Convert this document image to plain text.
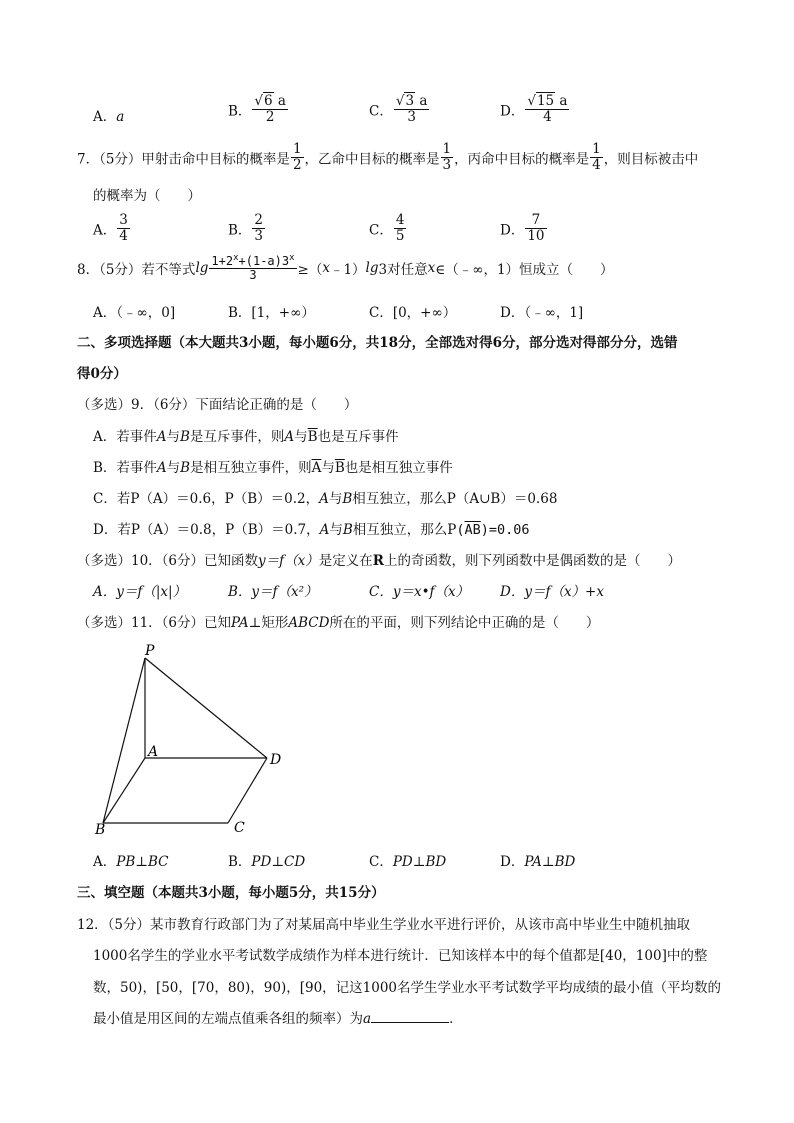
A．a	B． $\frac{√6 a}{2}$	C． $\frac{√3 a}{3}$	D． $\frac{√15 a}{4}$
7．（5分）甲射击命中目标的概率是 $\frac{1}{2}$ ，乙命中目标的概率是 $\frac{1}{3}$ ，丙命中目标的概率是 $\frac{1}{4}$ ，则目标被击中
的概率为（　　）
A． $\frac{3}{4}$	B． $\frac{2}{3}$	C． $\frac{4}{5}$	D． $\frac{7}{10}$
8．（5分）若不等式$\lg \frac{1+2^x+(1-a)3^x}{3}$ ≥（x﹣1）lg3对任意x∈（﹣∞，1）恒成立（　　）
A．（﹣∞，0]	B．[1，+∞）	C．[0，+∞）	D．（﹣∞，1]
二、多项选择题（本大题共3小题，每小题6分，共18分，全部选对得6分，部分选对得部分分，选错
得0分）
（多选）9．（6分）下面结论正确的是（　　）
A．若事件A与B是互斥事件，则A与$\overline{B}$也是互斥事件
B．若事件A与B是相互独立事件，则$\overline{A}$与$\overline{B}$也是相互独立事件
C．若P（A）＝0.6，P（B）＝0.2，A与B相互独立，那么P（A∪B）＝0.68
D．若P（A）＝0.8，P（B）＝0.7，A与B相互独立，那么$P(\overline{AB})=0.06$
（多选）10．（6分）已知函数y＝f（x）是定义在R上的奇函数，则下列函数中是偶函数的是（　　）
A．y＝f（|x|）	B．y＝f（x²）	C．y＝x•f（x） D．y＝f（x）+x
（多选）11．（6分）已知PA⊥矩形ABCD所在的平面，则下列结论中正确的是（　　）
P
A
B	C
D
A．PB⊥BC	B．PD⊥CD	C．PD⊥BD	D．PA⊥BD
三、填空题（本题共3小题，每小题5分，共15分）
12．（5分）某市教育行政部门为了对某届高中毕业生学业水平进行评价，从该市高中毕业生中随机抽取
1000名学生的学业水平考试数学成绩作为样本进行统计．已知该样本中的每个值都是[40，100]中的整
数，50)，[50，[70，80)，90)，[90，记这1000名学生学业水平考试数学平均成绩的最小值（平均数的
最小值是用区间的左端点值乘各组的频率）为a	．
